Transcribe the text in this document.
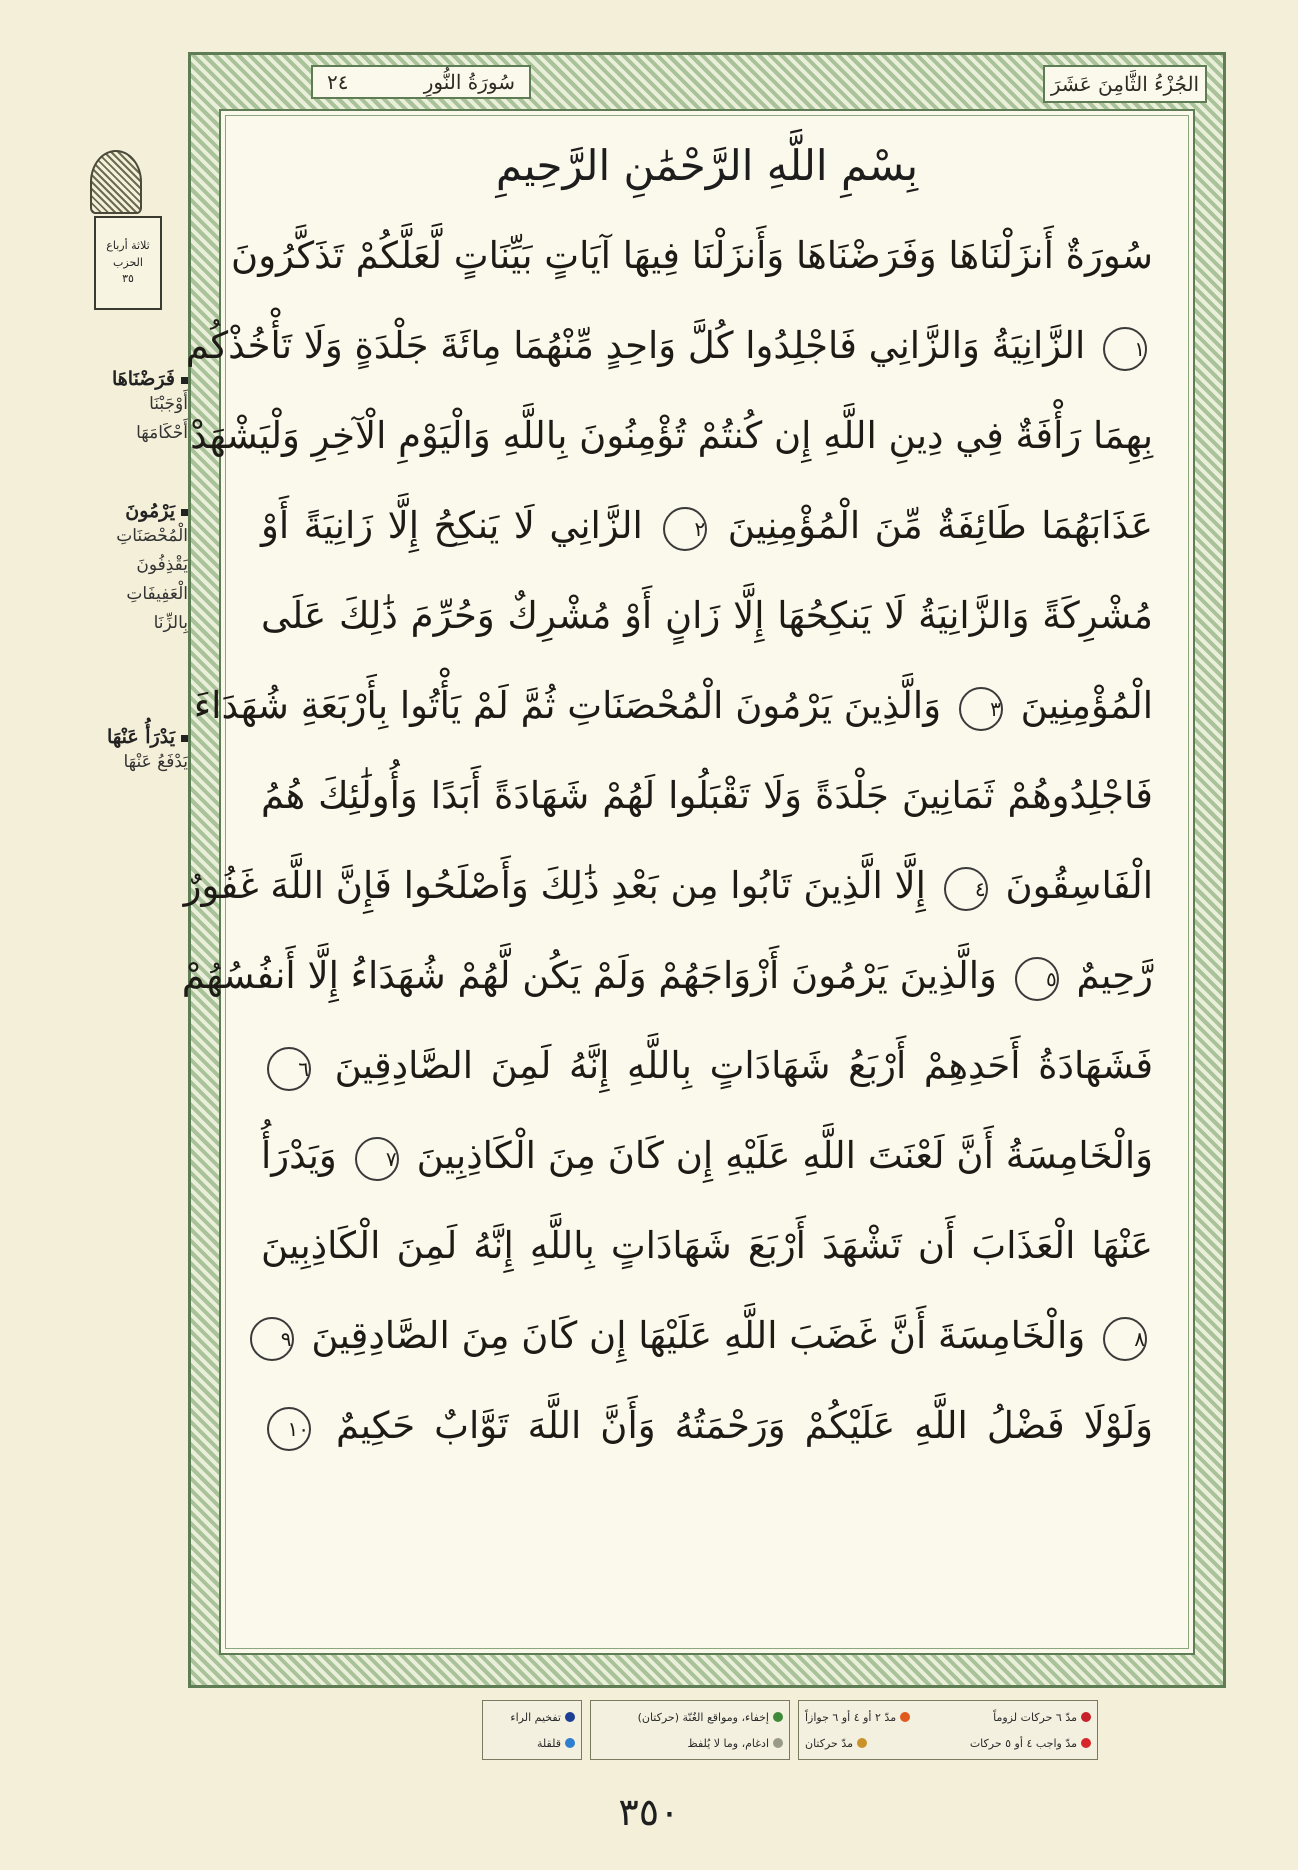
ثلاثة أرباع
الحزب
٣٥
فَرَضْنَاهَا
أَوْجَبْنَا
أَحْكَامَهَا
يَرْمُونَ
الْمُحْصَنَاتِ
يَقْذِفُونَ
الْعَفِيفَاتِ
بِالزِّنَا
يَدْرَأُ عَنْهَا
يَدْفَعُ عَنْهَا
سُورَةُ النُّورِ
٢٤	الجُزْءُ الثَّامِنَ عَشَرَ
بِسْمِ اللَّهِ الرَّحْمَٰنِ الرَّحِيمِ
سُورَةٌ أَنزَلْنَاهَا وَفَرَضْنَاهَا وَأَنزَلْنَا فِيهَا آيَاتٍ بَيِّنَاتٍ لَّعَلَّكُمْ تَذَكَّرُونَ
١ الزَّانِيَةُ وَالزَّانِي فَاجْلِدُوا كُلَّ وَاحِدٍ مِّنْهُمَا مِائَةَ جَلْدَةٍ وَلَا تَأْخُذْكُم
بِهِمَا رَأْفَةٌ فِي دِينِ اللَّهِ إِن كُنتُمْ تُؤْمِنُونَ بِاللَّهِ وَالْيَوْمِ الْآخِرِ وَلْيَشْهَدْ
عَذَابَهُمَا طَائِفَةٌ مِّنَ الْمُؤْمِنِينَ ٢ الزَّانِي لَا يَنكِحُ إِلَّا زَانِيَةً أَوْ
مُشْرِكَةً وَالزَّانِيَةُ لَا يَنكِحُهَا إِلَّا زَانٍ أَوْ مُشْرِكٌ وَحُرِّمَ ذَٰلِكَ عَلَى
الْمُؤْمِنِينَ ٣ وَالَّذِينَ يَرْمُونَ الْمُحْصَنَاتِ ثُمَّ لَمْ يَأْتُوا بِأَرْبَعَةِ شُهَدَاءَ
فَاجْلِدُوهُمْ ثَمَانِينَ جَلْدَةً وَلَا تَقْبَلُوا لَهُمْ شَهَادَةً أَبَدًا وَأُولَٰئِكَ هُمُ
الْفَاسِقُونَ ٤ إِلَّا الَّذِينَ تَابُوا مِن بَعْدِ ذَٰلِكَ وَأَصْلَحُوا فَإِنَّ اللَّهَ غَفُورٌ
رَّحِيمٌ ٥ وَالَّذِينَ يَرْمُونَ أَزْوَاجَهُمْ وَلَمْ يَكُن لَّهُمْ شُهَدَاءُ إِلَّا أَنفُسُهُمْ
فَشَهَادَةُ أَحَدِهِمْ أَرْبَعُ شَهَادَاتٍ بِاللَّهِ إِنَّهُ لَمِنَ الصَّادِقِينَ ٦
وَالْخَامِسَةُ أَنَّ لَعْنَتَ اللَّهِ عَلَيْهِ إِن كَانَ مِنَ الْكَاذِبِينَ ٧ وَيَدْرَأُ
عَنْهَا الْعَذَابَ أَن تَشْهَدَ أَرْبَعَ شَهَادَاتٍ بِاللَّهِ إِنَّهُ لَمِنَ الْكَاذِبِينَ
٨ وَالْخَامِسَةَ أَنَّ غَضَبَ اللَّهِ عَلَيْهَا إِن كَانَ مِنَ الصَّادِقِينَ ٩
وَلَوْلَا فَضْلُ اللَّهِ عَلَيْكُمْ وَرَحْمَتُهُ وَأَنَّ اللَّهَ تَوَّابٌ حَكِيمٌ ١٠
مدّ ٦ حركات لزوماً
مدّ ٢ أو ٤ أو ٦ جوازاً
مدّ واجب ٤ أو ٥ حركات
مدّ حركتان
إخفاء، ومواقع الغُنّة (حركتان)
ادغام، وما لا يُلفظ
تفخيم الراء
قلقلة
٣٥٠
